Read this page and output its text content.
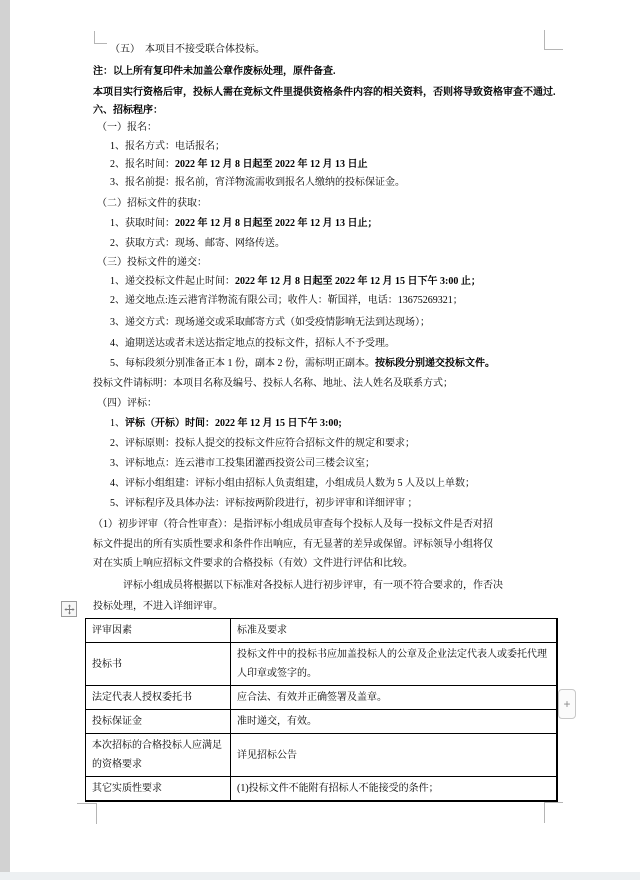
（五）　本项目不接受联合体投标。
注：以上所有复印件未加盖公章作废标处理，原件备查.
本项目实行资格后审，投标人需在竞标文件里提供资格条件内容的相关资料，否则将导致资格审查不通过.
六、招标程序：
（一）报名：
1、报名方式：电话报名；
2、报名时间：2022 年 12 月 8 日起至 2022 年 12 月 13 日止
3、报名前提：报名前，宵洋物流需收到报名人缴纳的投标保证金。
（二）招标文件的获取：
1、获取时间：2022 年 12 月 8 日起至 2022 年 12 月 13 日止；
2、获取方式：现场、邮寄、网络传送。
（三）投标文件的递交：
1、递交投标文件起止时间：2022 年 12 月 8 日起至 2022 年 12 月 15 日下午 3:00 止；
2、递交地点:连云港宵洋物流有限公司；收件人：靳国祥，电话：13675269321；
3、递交方式：现场递交或采取邮寄方式（如受疫情影响无法到达现场）；
4、逾期送达或者未送达指定地点的投标文件，招标人不予受理。
5、每标段须分别准备正本 1 份，副本 2 份，需标明正副本。按标段分别递交投标文件。
投标文件请标明：本项目名称及编号、投标人名称、地址、法人姓名及联系方式；
（四）评标：
1、评标（开标）时间：2022 年 12 月 15 日下午 3:00;
2、评标原则：投标人提交的投标文件应符合招标文件的规定和要求；
3、评标地点：连云港市工投集团灌西投资公司三楼会议室；
4、评标小组组建：评标小组由招标人负责组建，小组成员人数为 5 人及以上单数；
5、评标程序及具体办法：评标按两阶段进行，初步评审和详细评审 ；
（1）初步评审（符合性审查）：是指评标小组成员审查每个投标人及每一投标文件是否对招
标文件提出的所有实质性要求和条件作出响应，有无显著的差异或保留。评标领导小组将仅
对在实质上响应招标文件要求的合格投标（有效）文件进行评估和比较。
评标小组成员将根据以下标准对各投标人进行初步评审，有一项不符合要求的，作否决
投标处理，不进入详细评审。
评审因素	标准及要求
投标书	投标文件中的投标书应加盖投标人的公章及企业法定代表人或委托代理人印章或签字的。
法定代表人授权委托书	应合法、有效并正确签署及盖章。
投标保证金	准时递交，有效。
本次招标的合格投标人应满足的资格要求	详见招标公告
其它实质性要求	(1)投标文件不能附有招标人不能接受的条件；
+
